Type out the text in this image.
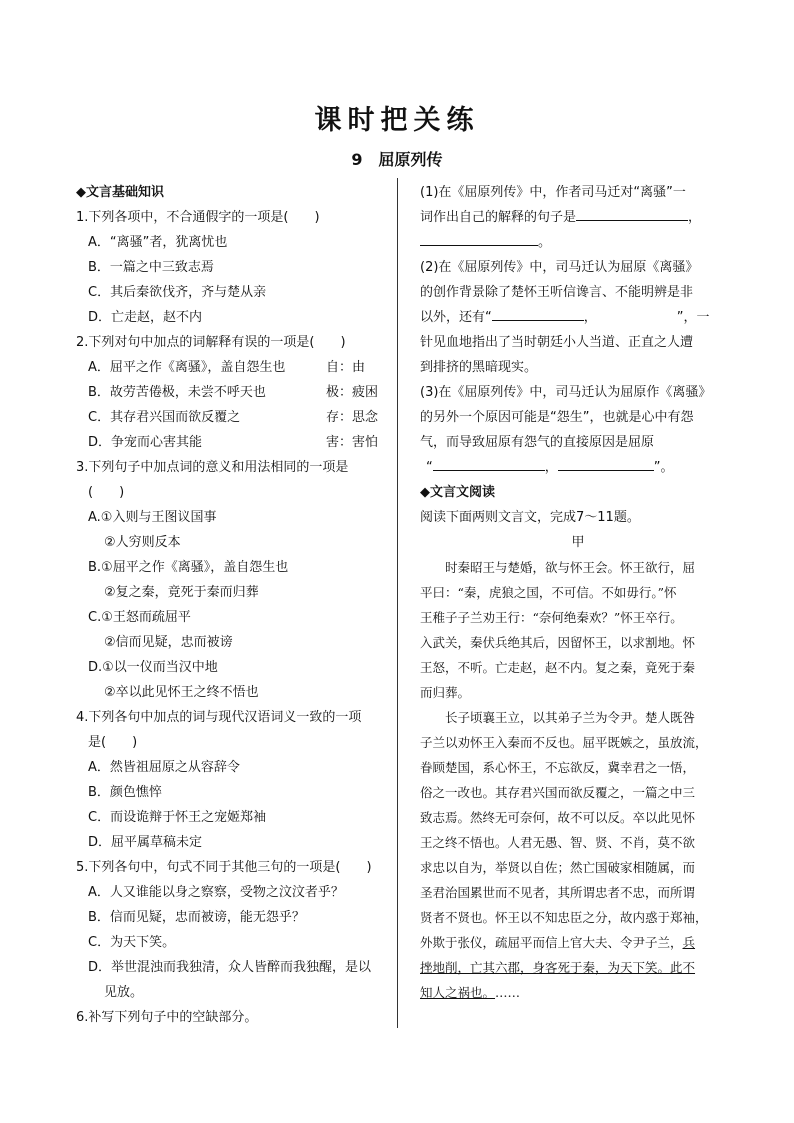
课时把关练
9　屈原列传
◆文言基础知识
1.下列各项中，不合通假字的一项是(　　)
A．“离骚”者，犹离忧也
B．一篇之中三致志焉
C．其后秦欲伐齐，齐与楚从亲
D．亡走赵，赵不内
2.下列对句中加点的词解释有误的一项是(　　)
A．屈平之作《离骚》，盖自怨生也	自：由
B．故劳苦倦极，未尝不呼天也	极：疲困
C．其存君兴国而欲反覆之	存：思念
D．争宠而心害其能	害：害怕
3.下列句子中加点词的意义和用法相同的一项是
(　　)
A.①入则与王图议国事
②人穷则反本
B.①屈平之作《离骚》，盖自怨生也
②复之秦，竟死于秦而归葬
C.①王怒而疏屈平
②信而见疑，忠而被谤
D.①以一仪而当汉中地
②卒以此见怀王之终不悟也
4.下列各句中加点的词与现代汉语词义一致的一项
是(　　)
A．然皆祖屈原之从容辞令
B．颜色憔悴
C．而设诡辩于怀王之宠姬郑袖
D．屈平属草稿未定
5.下列各句中，句式不同于其他三句的一项是(　　)
A．人又谁能以身之察察，受物之汶汶者乎？
B．信而见疑，忠而被谤，能无怨乎？
C．为天下笑。
D．举世混浊而我独清，众人皆醉而我独醒，是以
见放。
6.补写下列句子中的空缺部分。
(1)在《屈原列传》中，作者司马迁对“离骚”一
词作出自己的解释的句子是	，
。
(2)在《屈原列传》中，司马迁认为屈原《离骚》
的创作背景除了楚怀王听信谗言、不能明辨是非
以外，还有“	，	”，一
针见血地指出了当时朝廷小人当道、正直之人遭
到排挤的黑暗现实。
(3)在《屈原列传》中，司马迁认为屈原作《离骚》
的另外一个原因可能是“怨生”，也就是心中有怨
气，而导致屈原有怨气的直接原因是屈原
“	，	”。
◆文言文阅读
阅读下面两则文言文，完成7～11题。
甲
　　时秦昭王与楚婚，欲与怀王会。怀王欲行，屈
平曰：“秦，虎狼之国，不可信。不如毋行。”怀
王稚子子兰劝王行：“奈何绝秦欢？”怀王卒行。
入武关，秦伏兵绝其后，因留怀王，以求割地。怀
王怒，不听。亡走赵，赵不内。复之秦，竟死于秦
而归葬。
　　长子顷襄王立，以其弟子兰为令尹。楚人既咎
子兰以劝怀王入秦而不反也。屈平既嫉之，虽放流，
眷顾楚国，系心怀王，不忘欲反，冀幸君之一悟，
俗之一改也。其存君兴国而欲反覆之，一篇之中三
致志焉。然终无可奈何，故不可以反。卒以此见怀
王之终不悟也。人君无愚、智、贤、不肖，莫不欲
求忠以自为，举贤以自佐；然亡国破家相随属，而
圣君治国累世而不见者，其所谓忠者不忠，而所谓
贤者不贤也。怀王以不知忠臣之分，故内惑于郑袖，
外欺于张仪，疏屈平而信上官大夫、令尹子兰，兵
挫地削，亡其六郡，身客死于秦，为天下笑。此不
知人之祸也。……
